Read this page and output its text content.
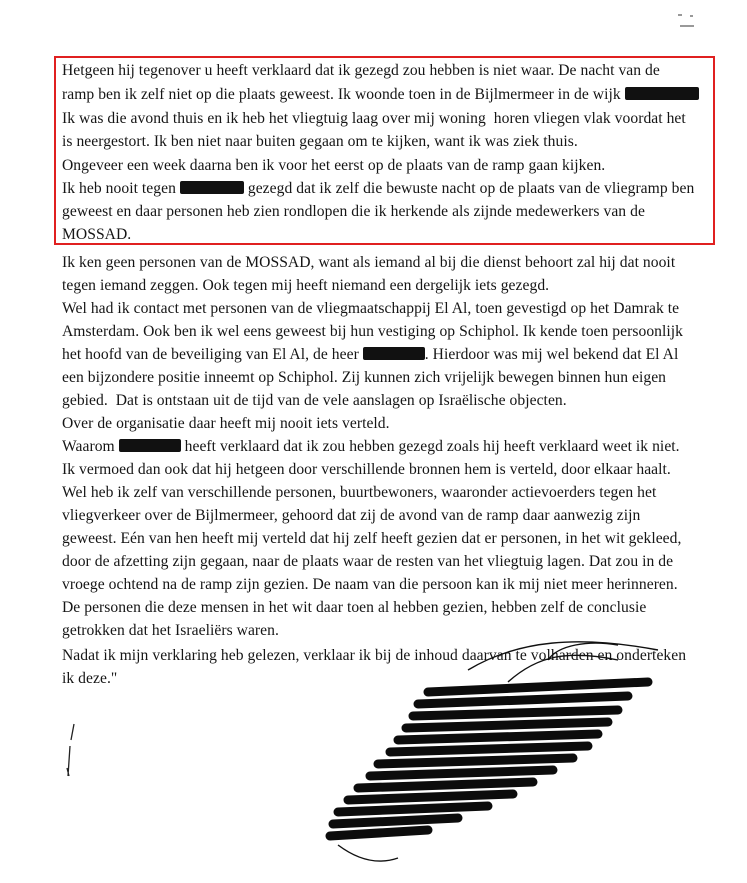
Hetgeen hij tegenover u heeft verklaard dat ik gezegd zou hebben is niet waar. De nacht van de

ramp ben ik zelf niet op die plaats geweest. Ik woonde toen in de Bijlmermeer in de wijk

Ik was die avond thuis en ik heb het vliegtuig laag over mij woning  horen vliegen vlak voordat het

is neergestort. Ik ben niet naar buiten gegaan om te kijken, want ik was ziek thuis.

Ongeveer een week daarna ben ik voor het eerst op de plaats van de ramp gaan kijken.

Ik heb nooit tegen	gezegd dat ik zelf die bewuste nacht op de plaats van de vliegramp ben

geweest en daar personen heb zien rondlopen die ik herkende als zijnde medewerkers van de

MOSSAD.

Ik ken geen personen van de MOSSAD, want als iemand al bij die dienst behoort zal hij dat nooit

tegen iemand zeggen. Ook tegen mij heeft niemand een dergelijk iets gezegd.

Wel had ik contact met personen van de vliegmaatschappij El Al, toen gevestigd op het Damrak te

Amsterdam. Ook ben ik wel eens geweest bij hun vestiging op Schiphol. Ik kende toen persoonlijk

het hoofd van de beveiliging van El Al, de heer	. Hierdoor was mij wel bekend dat El Al

een bijzondere positie inneemt op Schiphol. Zij kunnen zich vrijelijk bewegen binnen hun eigen

gebied.  Dat is ontstaan uit de tijd van de vele aanslagen op Israëlische objecten.

Over de organisatie daar heeft mij nooit iets verteld.

Waarom	heeft verklaard dat ik zou hebben gezegd zoals hij heeft verklaard weet ik niet.

Ik vermoed dan ook dat hij hetgeen door verschillende bronnen hem is verteld, door elkaar haalt.

Wel heb ik zelf van verschillende personen, buurtbewoners, waaronder actievoerders tegen het

vliegverkeer over de Bijlmermeer, gehoord dat zij de avond van de ramp daar aanwezig zijn

geweest. Eén van hen heeft mij verteld dat hij zelf heeft gezien dat er personen, in het wit gekleed,

door de afzetting zijn gegaan, naar de plaats waar de resten van het vliegtuig lagen. Dat zou in de

vroege ochtend na de ramp zijn gezien. De naam van die persoon kan ik mij niet meer herinneren.

De personen die deze mensen in het wit daar toen al hebben gezien, hebben zelf de conclusie

getrokken dat het Israeliërs waren.

Nadat ik mijn verklaring heb gelezen, verklaar ik bij de inhoud daarvan te volharden en onderteken

ik deze."
